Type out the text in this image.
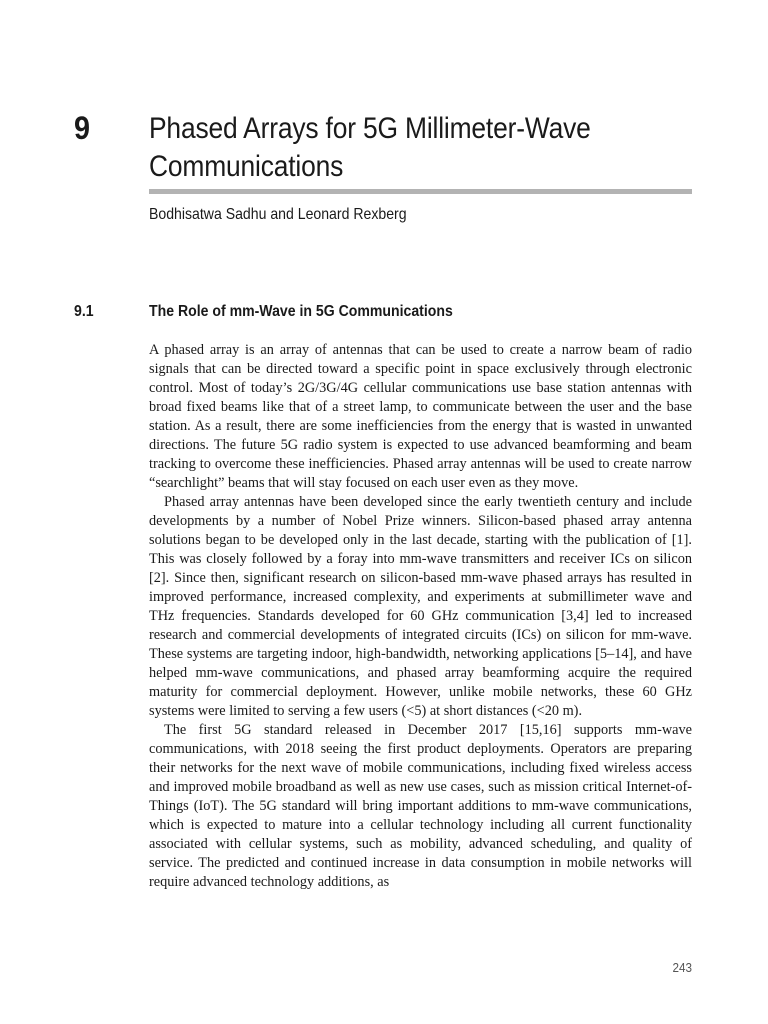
9 Phased Arrays for 5G Millimeter-Wave
Communications
Bodhisatwa Sadhu and Leonard Rexberg
9.1	The Role of mm-Wave in 5G Communications

A phased array is an array of antennas that can be used to create a narrow beam of radio signals that can be directed toward a specific point in space exclusively through electronic control. Most of today’s 2G/3G/4G cellular communications use base station antennas with broad fixed beams like that of a street lamp, to communicate between the user and the base station. As a result, there are some inefficiencies from the energy that is wasted in unwanted directions. The future 5G radio system is expected to use advanced beamforming and beam tracking to overcome these inefficiencies. Phased array antennas will be used to create narrow “searchlight” beams that will stay focused on each user even as they move.

Phased array antennas have been developed since the early twentieth century and include developments by a number of Nobel Prize winners. Silicon-based phased array antenna solutions began to be developed only in the last decade, starting with the publication of [1]. This was closely followed by a foray into mm-wave transmitters and receiver ICs on silicon [2]. Since then, significant research on silicon-based mm-wave phased arrays has resulted in improved performance, increased complexity, and experiments at submillimeter wave and THz frequencies. Standards developed for 60 GHz communication [3,4] led to increased research and commercial developments of integrated circuits (ICs) on silicon for mm-wave. These systems are targeting indoor, high-bandwidth, networking applications [5–14], and have helped mm-wave communications, and phased array beamforming acquire the required maturity for commercial deployment. However, unlike mobile networks, these 60 GHz systems were limited to serving a few users (<5) at short distances (<20 m).

The first 5G standard released in December 2017 [15,16] supports mm-wave communications, with 2018 seeing the first product deployments. Operators are preparing their networks for the next wave of mobile communications, including fixed wireless access and improved mobile broadband as well as new use cases, such as mission critical Internet-of-Things (IoT). The 5G standard will bring important additions to mm-wave communications, which is expected to mature into a cellular technology including all current functionality associated with cellular systems, such as mobility, advanced scheduling, and quality of service. The predicted and continued increase in data consumption in mobile networks will require advanced technology additions, as

243
